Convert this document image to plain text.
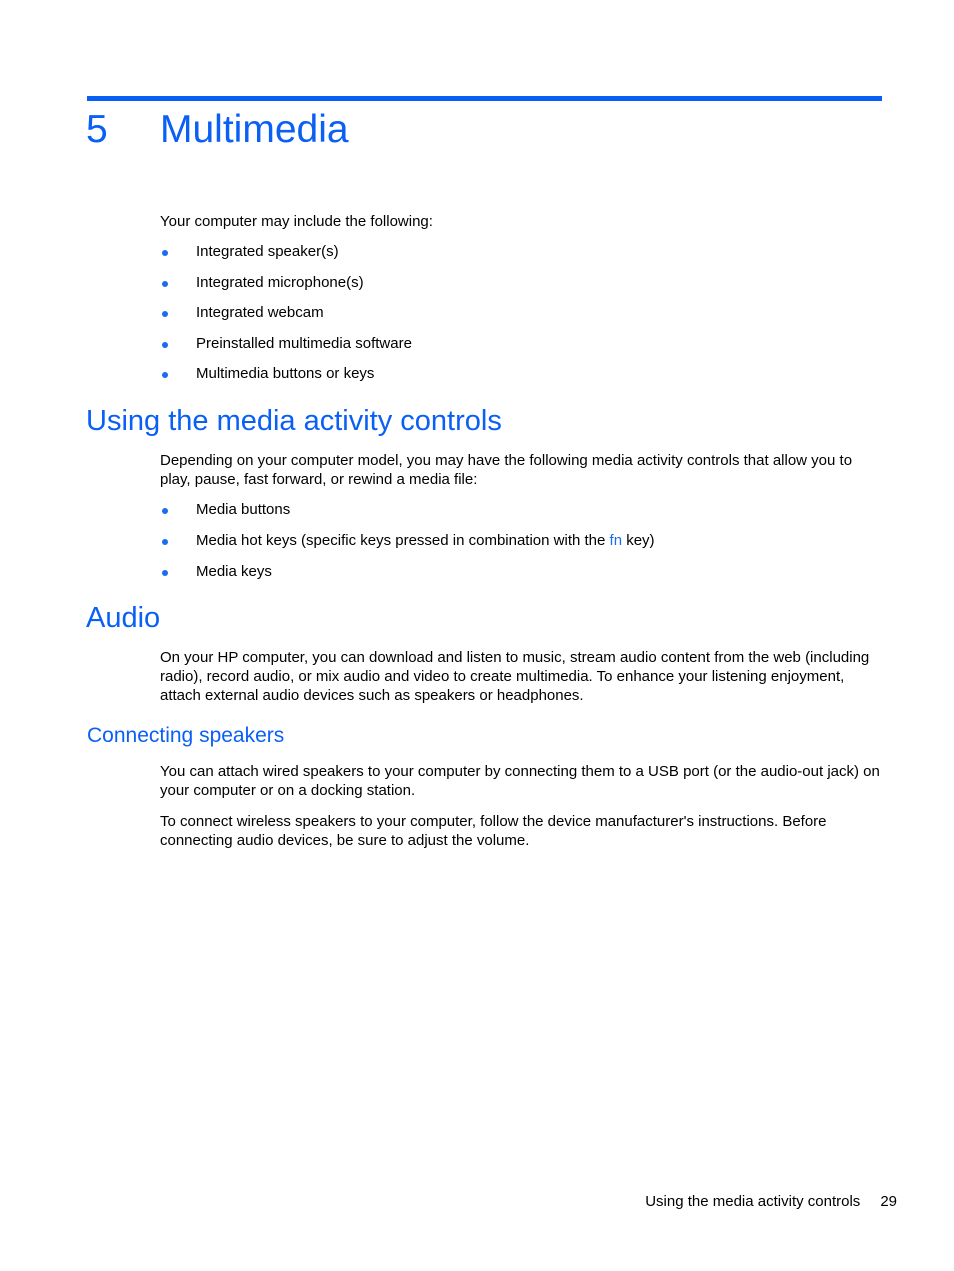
5 Multimedia

Your computer may include the following:

Integrated speaker(s)
Integrated microphone(s)
Integrated webcam
Preinstalled multimedia software
Multimedia buttons or keys
Using the media activity controls

Depending on your computer model, you may have the following media activity controls that allow you to play, pause, fast forward, or rewind a media file:

Media buttons
Media hot keys (specific keys pressed in combination with the fn key)
Media keys
Audio

On your HP computer, you can download and listen to music, stream audio content from the web (including radio), record audio, or mix audio and video to create multimedia. To enhance your listening enjoyment, attach external audio devices such as speakers or headphones.

Connecting speakers

You can attach wired speakers to your computer by connecting them to a USB port (or the audio-out jack) on your computer or on a docking station.

To connect wireless speakers to your computer, follow the device manufacturer's instructions. Before connecting audio devices, be sure to adjust the volume.

Using the media activity controls 29
